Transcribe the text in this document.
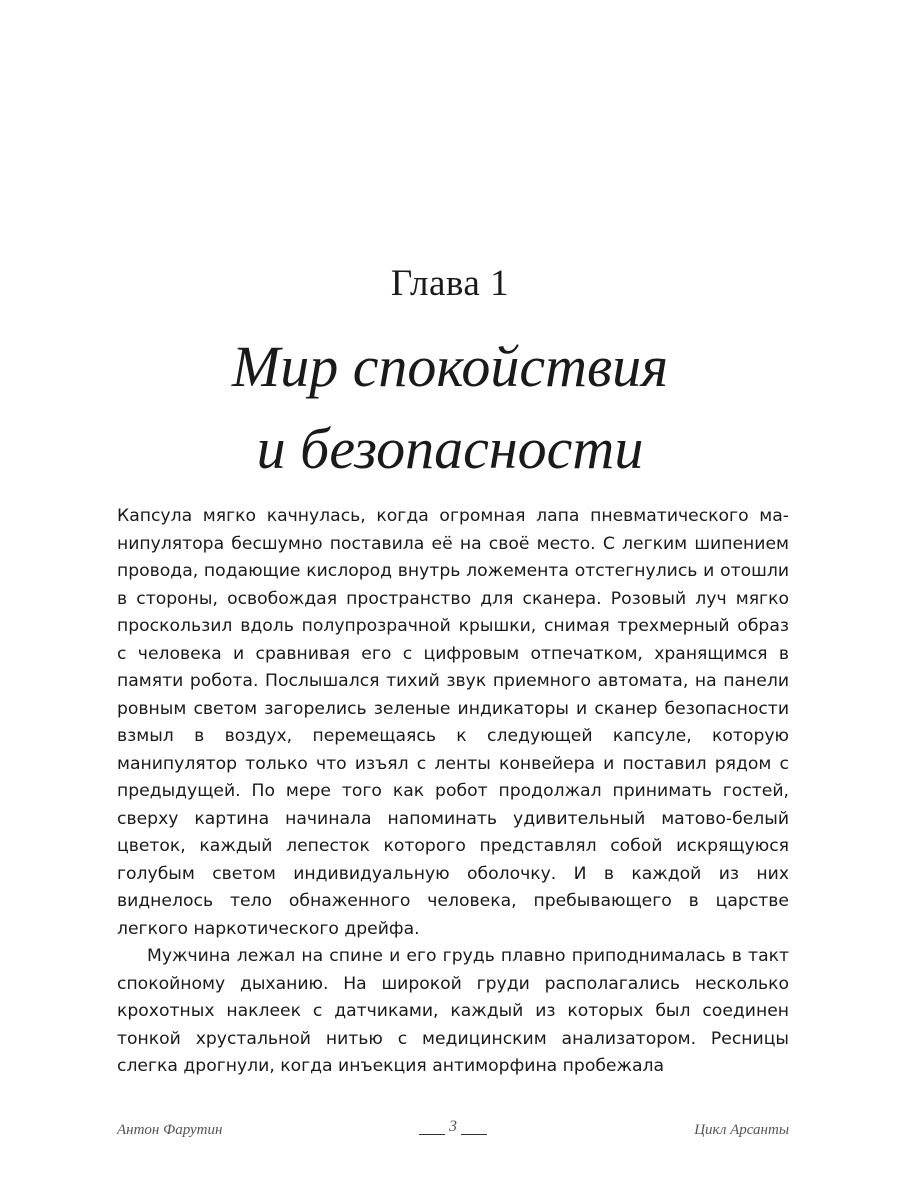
Глава 1
Мир спокойствия
и безопасности

Капсула мягко качнулась, когда огромная лапа пневматического манипулятора бесшумно поставила её на своё место. С легким шипением провода, подающие кислород внутрь ложемента отстегнулись и отошли в стороны, освобождая пространство для сканера. Розовый луч мягко проскользил вдоль полупрозрачной крышки, снимая трехмерный образ с человека и сравнивая его с цифровым отпечатком, хранящимся в памяти робота. Послышался тихий звук приемного автомата, на панели ровным светом загорелись зеленые индикаторы и сканер безопасности взмыл в воздух, перемещаясь к следующей капсуле, которую манипулятор только что изъял с ленты конвейера и поставил рядом с предыдущей. По мере того как робот продолжал принимать гостей, сверху картина начинала напоминать удивительный матово-белый цветок, каждый лепесток которого представлял собой искрящуюся голубым светом индивидуальную оболочку. И в каждой из них виднелось тело обнаженного человека, пребывающего в царстве легкого наркотического дрейфа.

Мужчина лежал на спине и его грудь плавно приподнималась в такт спокойному дыханию. На широкой груди располагались несколько крохотных наклеек с датчиками, каждый из которых был соединен тонкой хрустальной нитью с медицинским анализатором. Ресницы слегка дрогнули, когда инъекция антиморфина пробежала

Антон Фарутин	3	Цикл Арсанты
